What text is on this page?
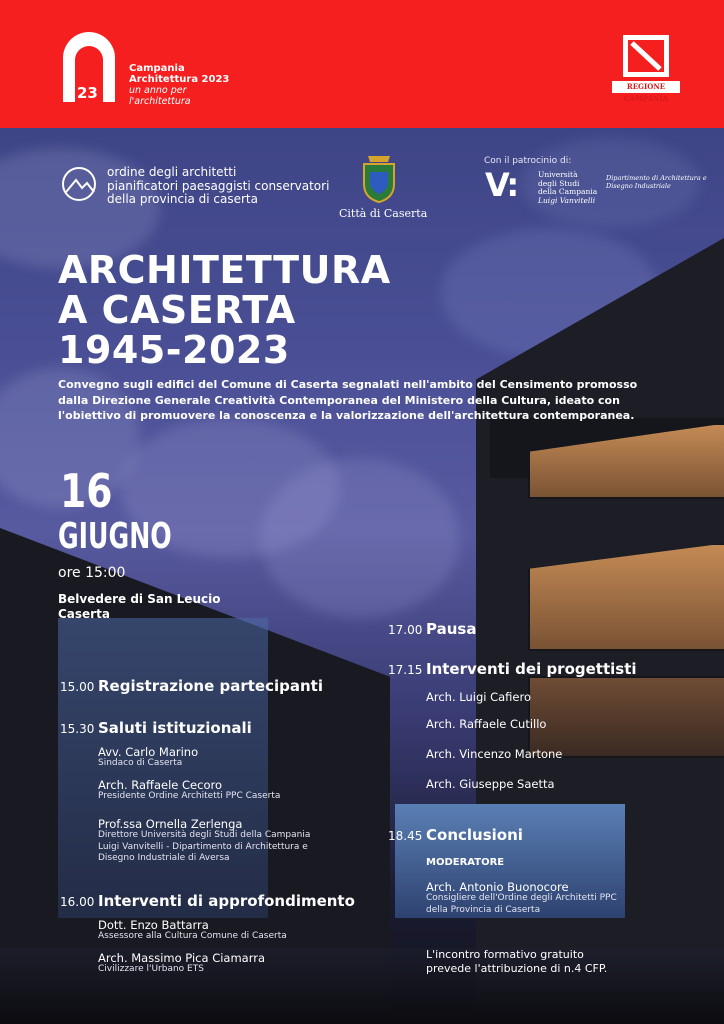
23
Campania
Architettura 2023
un anno per
l'architettura
REGIONE CAMPANIA
ordine degli architetti
pianificatori paesaggisti conservatori
della provincia di caserta
Città di Caserta
Con il patrocinio di:
V:	Università
degli Studi
della Campania
Luigi Vanvitelli
Dipartimento di Architettura e
Disegno Industriale
ARCHITETTURA
A CASERTA
1945-2023
Convegno sugli edifici del Comune di Caserta segnalati nell'ambito del Censimento promosso
dalla Direzione Generale Creatività Contemporanea del Ministero della Cultura, ideato con
l'obiettivo di promuovere la conoscenza e la valorizzazione dell'architettura contemporanea.
16
GIUGNO
ore 15:00
Belvedere di San Leucio
Caserta
15.00 Registrazione partecipanti
15.30 Saluti istituzionali
Avv. Carlo Marino
Sindaco di Caserta
Arch. Raffaele Cecoro
Presidente Ordine Architetti PPC Caserta
Prof.ssa Ornella Zerlenga
Direttore Università degli Studi della Campania
Luigi Vanvitelli - Dipartimento di Architettura e
Disegno Industriale di Aversa
16.00 Interventi di approfondimento
Dott. Enzo Battarra
Assessore alla Cultura Comune di Caserta
Arch. Massimo Pica Ciamarra
Civilizzare l'Urbano ETS
17.00 Pausa
17.15 Interventi dei progettisti
Arch. Luigi Cafiero
Arch. Raffaele Cutillo
Arch. Vincenzo Martone
Arch. Giuseppe Saetta
18.45 Conclusioni
MODERATORE
Arch. Antonio Buonocore
Consigliere dell'Ordine degli Architetti PPC
della Provincia di Caserta
L'incontro formativo gratuito
prevede l'attribuzione di n.4 CFP.
